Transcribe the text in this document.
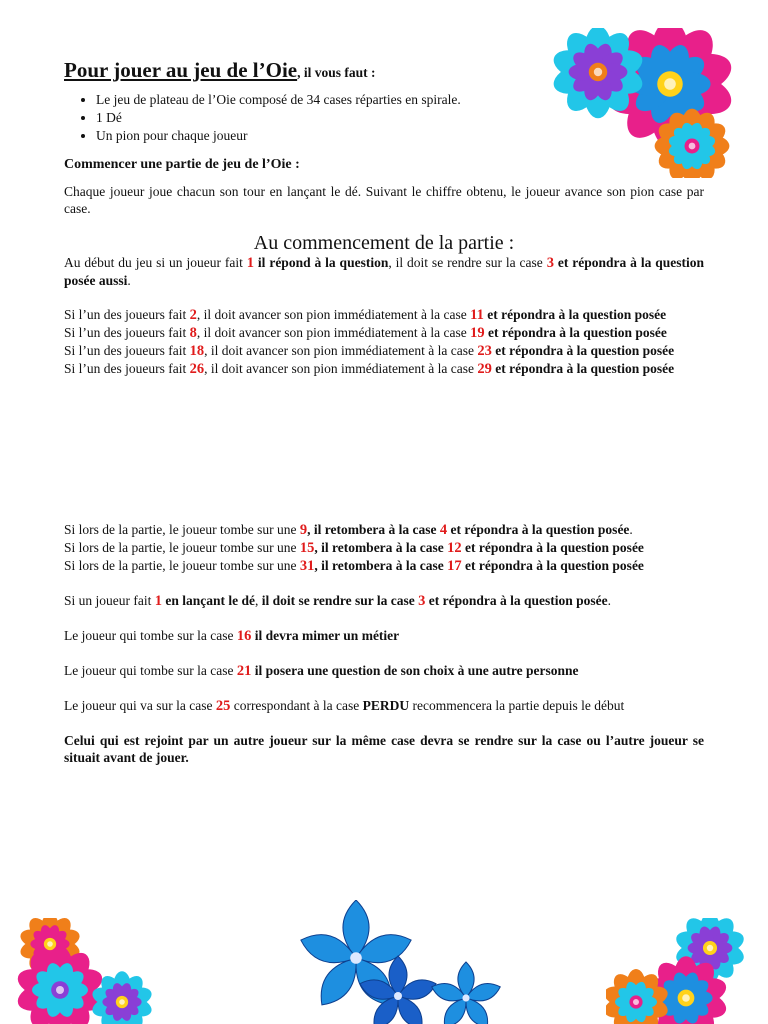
Pour jouer au jeu de l’Oie, il vous faut :
• Le jeu de plateau de l’Oie composé de 34 cases réparties en spirale.
• 1 Dé
• Un pion pour chaque joueur

Commencer une partie de jeu de l’Oie :

Chaque joueur joue chacun son tour en lançant le dé. Suivant le chiffre obtenu, le joueur avance son pion case par case.

Au commencement de la partie :

Au début du jeu si un joueur fait 1 il répond à la question, il doit se rendre sur la case 3 et répondra à la question posée aussi.

Si l’un des joueurs fait 2, il doit avancer son pion immédiatement à la case 11 et répondra à la question posée

Si l’un des joueurs fait 8, il doit avancer son pion immédiatement à la case 19 et répondra à la question posée

Si l’un des joueurs fait 18, il doit avancer son pion immédiatement à la case 23 et répondra à la question posée

Si l’un des joueurs fait 26, il doit avancer son pion immédiatement à la case 29 et répondra à la question posée

Si lors de la partie, le joueur tombe sur une 9, il retombera à la case 4 et répondra à la question posée.

Si lors de la partie, le joueur tombe sur une 15, il retombera à la case 12 et répondra à la question posée

Si lors de la partie, le joueur tombe sur une 31, il retombera à la case 17 et répondra à la question posée

Si un joueur fait 1 en lançant le dé, il doit se rendre sur la case 3 et répondra à la question posée.

Le joueur qui tombe sur la case 16 il devra mimer un métier

Le joueur qui tombe sur la case 21 il posera une question de son choix à une autre personne

Le joueur qui va sur la case 25 correspondant à la case PERDU recommencera la partie depuis le début

Celui qui est rejoint par un autre joueur sur la même case devra se rendre sur la case ou l’autre joueur se situait avant de jouer.
